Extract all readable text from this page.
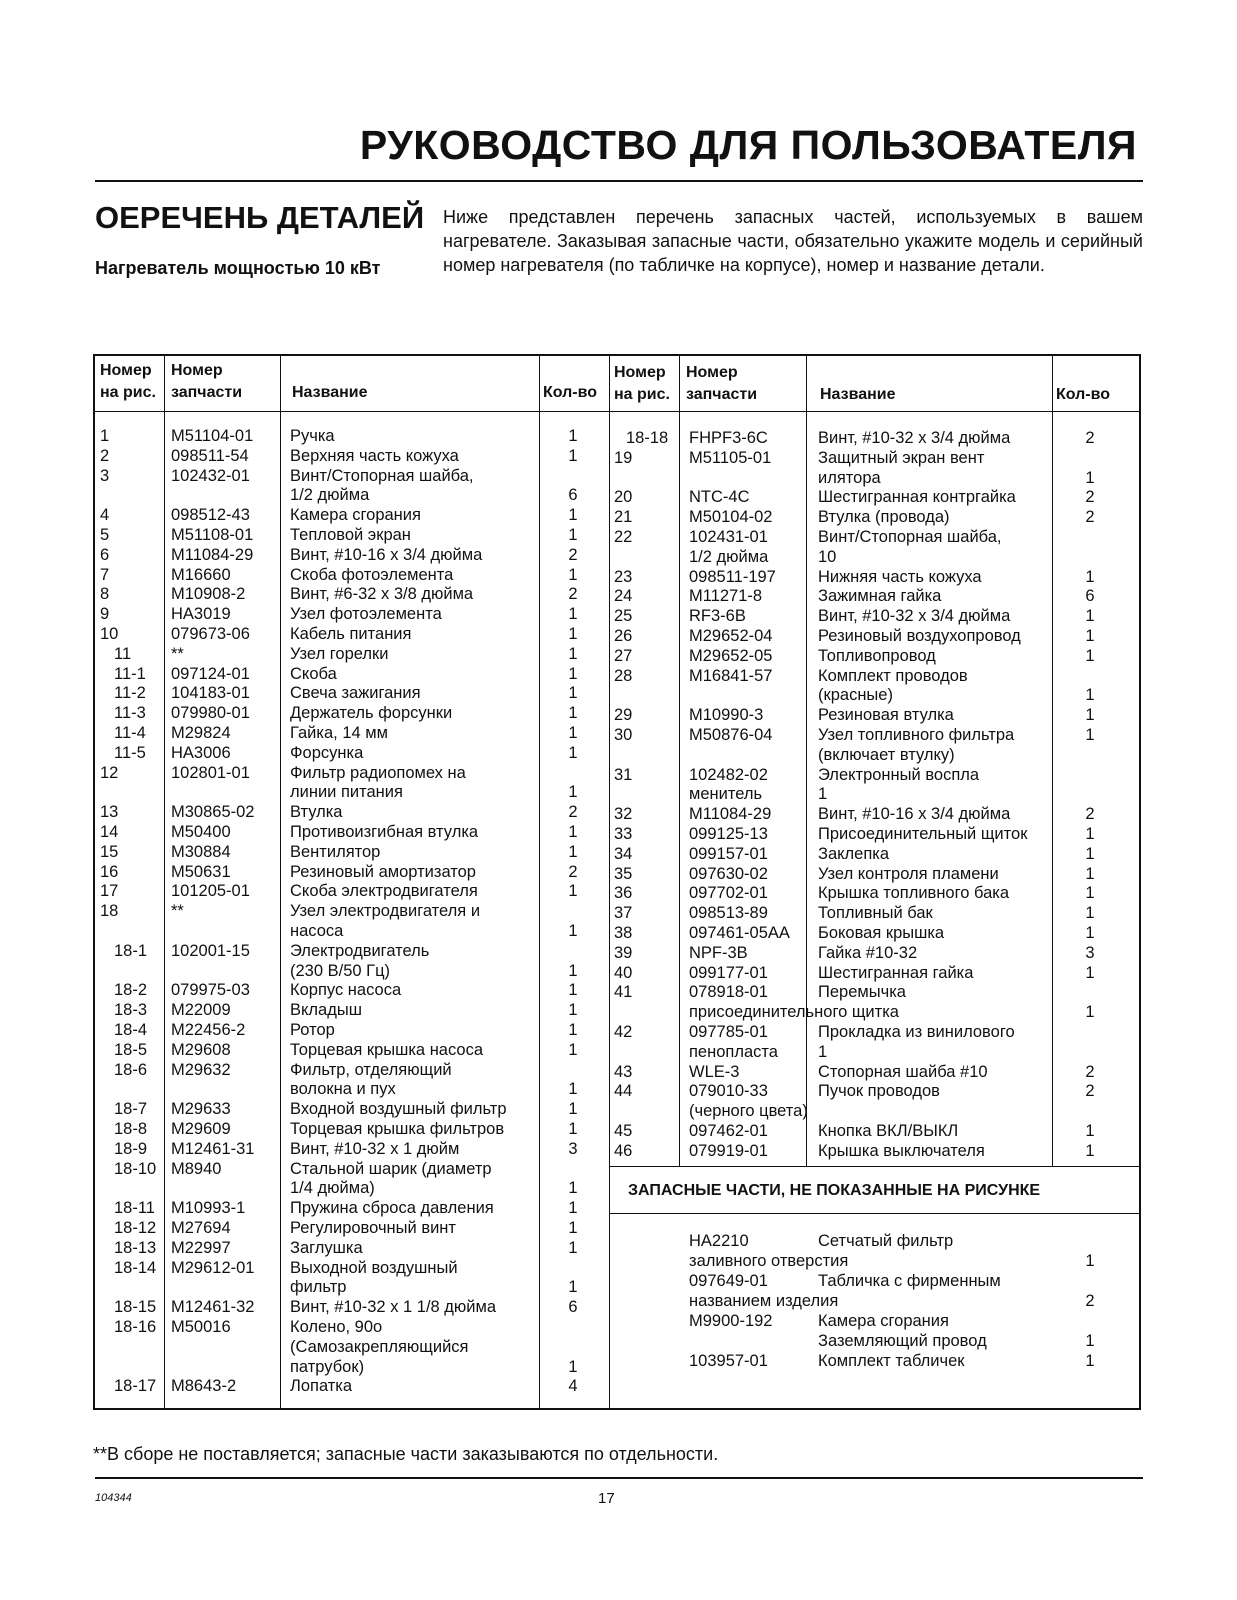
РУКОВОДСТВО ДЛЯ ПОЛЬЗОВАТЕЛЯ
ОЕРЕЧЕНЬ ДЕТАЛЕЙ
Нагреватель мощностью 10 кВт
Ниже представлен перечень запасных частей, используемых в вашем нагревателе. Заказывая запасные части, обязательно укажите модель и серийный номер нагревателя (по табличке на корпусе), номер и название детали.
Номер
на рис.
Номер
запчасти	Название	Кол-во
Номер
на рис.
Номер
запчасти	Название	Кол-во
1	M51104-01 Ручка	1
2	098511-54	Верхняя часть кожуха	1
3	102432-01 Винт/Стопорная шайба,
1/2 дюйма	6
4	098512-43 Камера сгорания	1
5	M51108-01 Тепловой экран	1
6	M11084-29 Винт, #10-16 x 3/4 дюйма	2
7	M16660	Скоба фотоэлемента	1
8	M10908-2	Винт, #6-32 x 3/8 дюйма	2
9	HA3019	Узел фотоэлемента	1
10	079673-06 Кабель питания	1
11 **	Узел горелки	1
11-1 097124-01 Скоба	1
11-2 104183-01 Свеча зажигания	1
11-3 079980-01 Держатель форсунки	1
11-4 M29824	Гайка, 14 мм	1
11-5 HA3006	Форсунка	1
12	102801-01 Фильтр радиопомех на
линии питания	1
13	M30865-02 Втулка	2
14	M50400	Противоизгибная втулка	1
15	M30884	Вентилятор	1
16	M50631	Резиновый амортизатор	2
17	101205-01 Скоба электродвигателя	1
18	**	Узел электродвигателя и
насоса	1
18-1 102001-15 Электродвигатель
(230 В/50 Гц)	1
18-2 079975-03 Корпус насоса	1
18-3 M22009	Вкладыш	1
18-4 M22456-2	Ротор	1
18-5 M29608	Торцевая крышка насоса	1
18-6 M29632	Фильтр, отделяющий
волокна и пух	1
18-7 M29633	Входной воздушный фильтр	1
18-8 M29609	Торцевая крышка фильтров	1
18-9 M12461-31 Винт, #10-32 x 1 дюйм	3
18-10 M8940	Стальной шарик (диаметр
1/4 дюйма)	1
18-11 M10993-1	Пружина сброса давления	1
18-12 M27694	Регулировочный винт	1
18-13 M22997	Заглушка	1
18-14 M29612-01 Выходной воздушный
фильтр	1
18-15 M12461-32 Винт, #10-32 x 1 1/8 дюйма	6
18-16 M50016	Колено, 90о
(Самозакрепляющийся
патрубок)	1
18-17 M8643-2	Лопатка	4
18-18 FHPF3-6C	Винт, #10-32 x 3/4 дюйма	2
19	M51105-01	Защитный экран вент
илятора	1
20	NTC-4C	Шестигранная контргайка	2
21	M50104-02	Втулка (провода)	2
22	102431-01	Винт/Стопорная шайба,
1/2 дюйма	10
23	098511-197	Нижняя часть кожуха	1
24	M11271-8	Зажимная гайка	6
25	RF3-6B	Винт, #10-32 x 3/4 дюйма	1
26	M29652-04	Резиновый воздухопровод	1
27	M29652-05	Топливопровод	1
28	M16841-57	Комплект проводов
(красные)	1
29	M10990-3	Резиновая втулка	1
30	M50876-04	Узел топливного фильтра	1
(включает втулку)
31	102482-02	Электронный воспла
менитель	1
32	M11084-29	Винт, #10-16 x 3/4 дюйма	2
33	099125-13	Присоединительный щиток	1
34	099157-01	Заклепка	1
35	097630-02	Узел контроля пламени	1
36	097702-01	Крышка топливного бака	1
37	098513-89	Топливный бак	1
38	097461-05AA Боковая крышка	1
39	NPF-3B	Гайка #10-32	3
40	099177-01	Шестигранная гайка	1
41	078918-01	Перемычка
присоединительного щитка	1
42	097785-01	Прокладка из винилового
пенопласта 1
43	WLE-3	Стопорная шайба #10	2
44	079010-33	Пучок проводов	2
(черного цвета)
45	097462-01	Кнопка ВКЛ/ВЫКЛ	1
46	079919-01	Крышка выключателя	1
ЗАПАСНЫЕ ЧАСТИ, НЕ ПОКАЗАННЫЕ НА РИСУНКЕ
HA2210	Сетчатый фильтр
заливного отверстия	1
097649-01	Табличка с фирменным
названием изделия	2
M9900-192	Камера сгорания
Заземляющий провод	1
103957-01	Комплект табличек	1
**В сборе не поставляется; запасные части заказываются по отдельности.
104344	17
